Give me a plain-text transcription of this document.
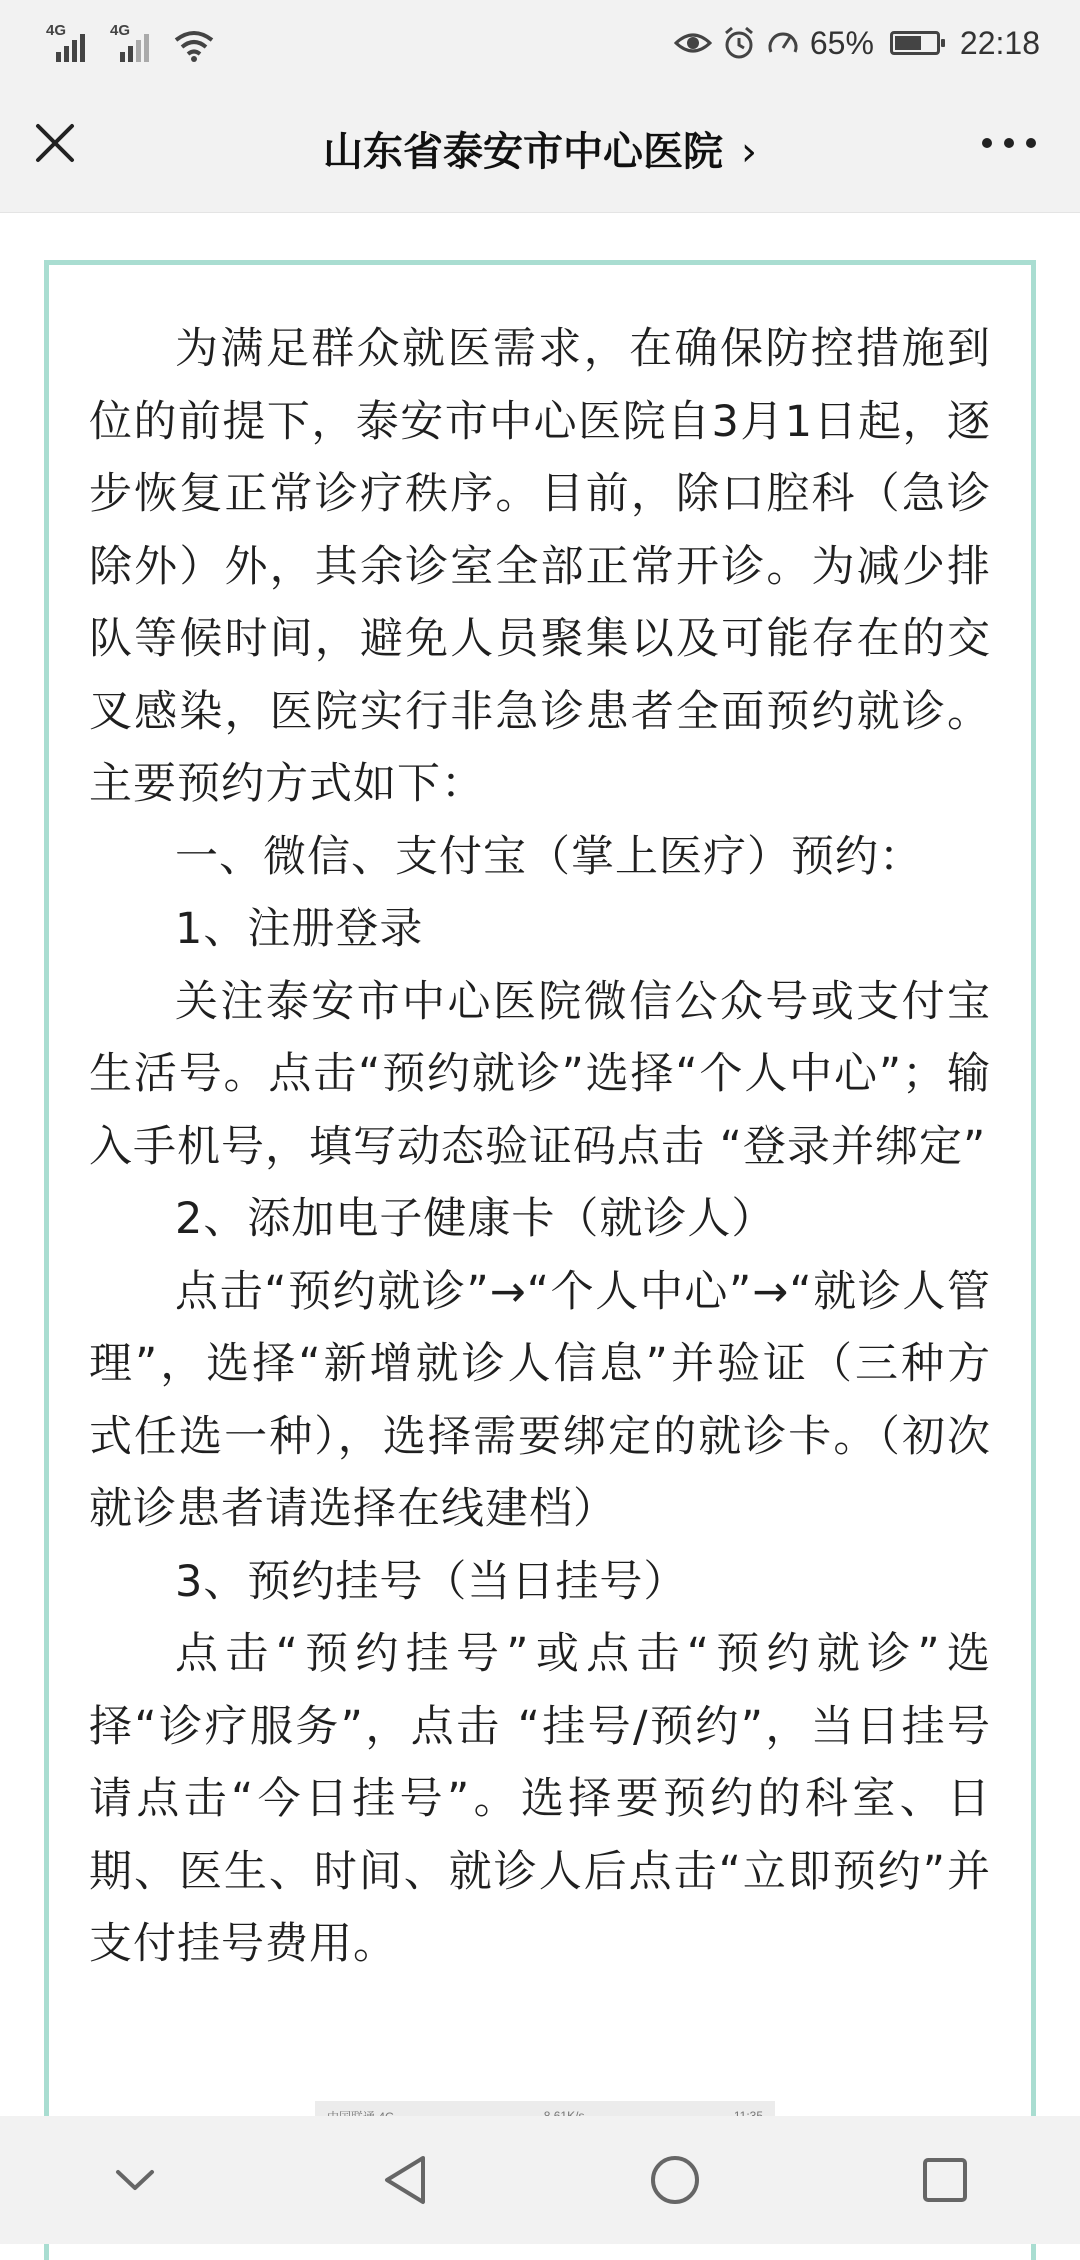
4G	4G	65%	22:18
山东省泰安市中心医院 ›

为满足群众就医需求，在确保防控措施到位的前提下，泰安市中心医院自3月1日起，逐步恢复正常诊疗秩序。目前，除口腔科（急诊除外）外，其余诊室全部正常开诊。为减少排队等候时间，避免人员聚集以及可能存在的交叉感染，医院实行非急诊患者全面预约就诊。主要预约方式如下：

一、微信、支付宝（掌上医疗）预约：

1、注册登录

关注泰安市中心医院微信公众号或支付宝生活号。点击“预约就诊”选择“个人中心”；输入手机号，填写动态验证码点击 “登录并绑定”

2、添加电子健康卡（就诊人）

点击“预约就诊”→“个人中心”→“就诊人管理”，选择“新增就诊人信息”并验证（三种方式任选一种），选择需要绑定的就诊卡。（初次就诊患者请选择在线建档）

3、预约挂号（当日挂号）

点击“预约挂号”或点击“预约就诊”选择“诊疗服务”，点击 “挂号/预约”，当日挂号请点击“今日挂号”。选择要预约的科室、日期、医生、时间、就诊人后点击“立即预约”并支付挂号费用。
